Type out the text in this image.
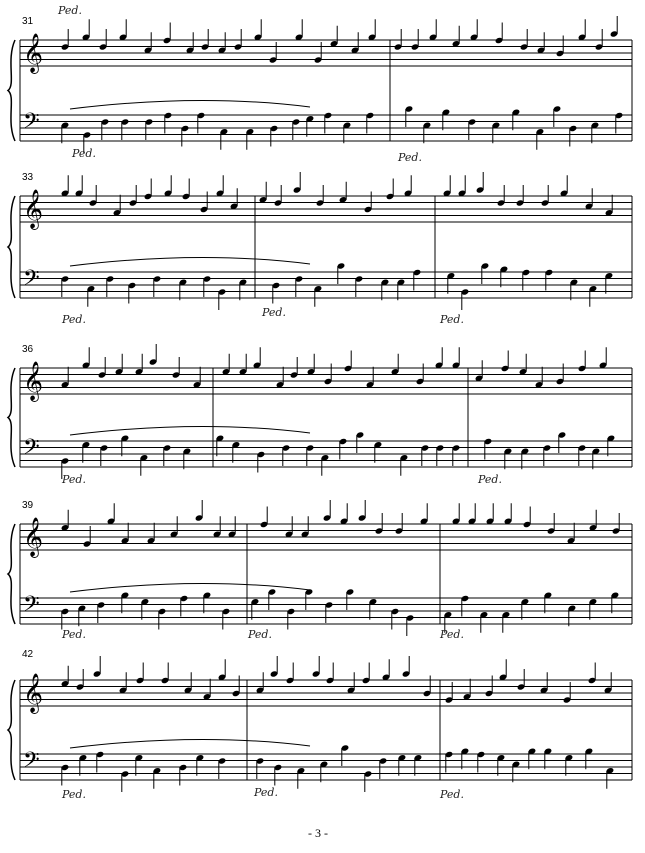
𝄞
𝄢
𝄞
𝄢
𝄞
𝄢
𝄞
𝄢
𝄞
𝄢
31
33
36
39
42
Ped.
Ped.	Ped.
Ped.
Ped.
Ped.
Ped.	Ped.
Ped.	Ped.	Ped.
Ped.	Ped.	Ped.
- 3 -
